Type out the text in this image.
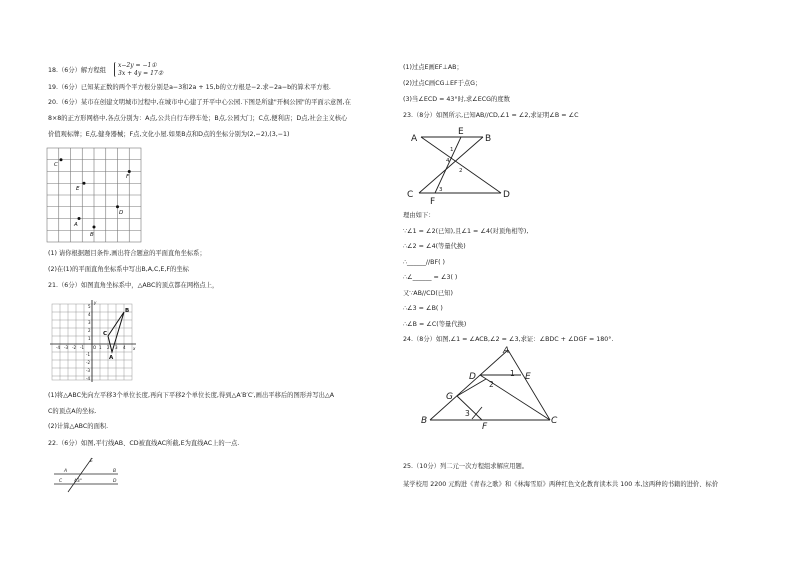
18.（6分）解方程组
x−2y = −1①
3x + 4y = 17②
19.（6分）已知某正数的两个平方根分别是a−3和2a + 15,b的立方根是−2.求−2a−b的算术平方根.
20.（6分）某市在创建文明城市过程中,在城市中心建了开平中心公园.下图是所建"开枫公园"的平面示意图,在
8×8的正方形网格中,各点分别为：A点,公共自行车停车处；B点,公园大门；C点,便利店；D点,社会主义核心
价值观标牌；E点,健身器械；F点,文化小屋.如果B点和D点的坐标分别为(2,−2),(3,−1)
C
E
F
D
A
B
(1) 请你根据题目条件,画出符合题意的平面直角坐标系；
(2)在(1)的平面直角坐标系中写出B,A,C,E,F的坐标
21.（6分）如图直角坐标系中，△ABC的顶点都在网格点上，
y
x
5
4
3
2
1
-1
-2
-3
-4
-4 -3 -2 -1 O 1 2 3 4
A
B
C
(1)将△ABC先向左平移3个单位长度,再向下平移2个单位长度,得到△A′B′C′,画出平移后的图形并写出△A
C的顶点A的坐标.
(2)计算△ABC的面积.
22.（6分）如图,平行线AB、CD被直线AC所截,E为直线AC上的一点.
A	B
C	D
E
43°
(1)过点E画EF⊥AB；
(2)过点C画CG⊥EF于点G；
(3)当∠ECD = 43°时,求∠ECG的度数
23.（8分）如图所示,已知AB//CD,∠1 = ∠2,求证明∠B = ∠C
A
E
B
C
F
D
1
2
3
4
理由如下：
∵∠1 = ∠2(已知),且∠1 = ∠4(对顶角相等),
∴∠2 = ∠4(等量代换)
∴______//BF( )
∴∠______ = ∠3( )
又∵AB//CD(已知)
∴∠3 = ∠B( )
∴∠B = ∠C(等量代换)
24.（8分）如图,∠1 = ∠ACB,∠2 = ∠3,求证：∠BDC + ∠DGF = 180°.
A
D	E
G
B
F
C
1
2
3
25.（10分）列二元一次方程组求解应用题。
某学校用 2200 元购进《青春之歌》和《林海雪原》两种红色文化教育读本共 100 本,这两种的书籍的进价、标价
